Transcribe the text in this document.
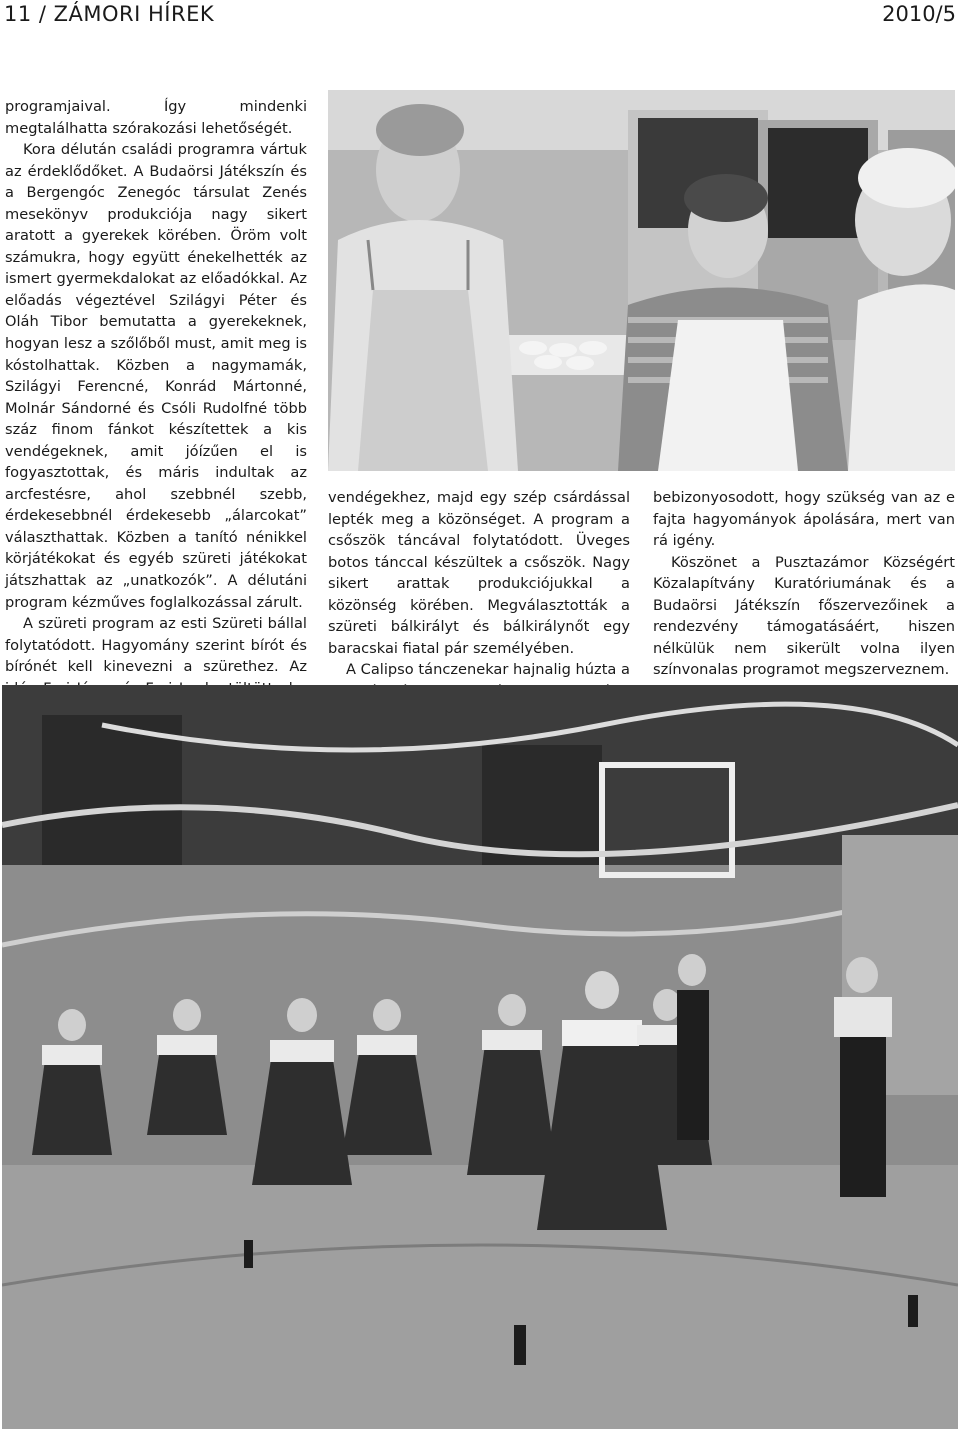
11 / ZÁMORI HÍREK	2010/5

programjaival. Így mindenki megtalálhatta szórakozási lehetőségét.

Kora délután családi programra vártuk az érdeklődőket. A Budaörsi Játékszín és a Bergengóc Zenegóc társulat Zenés mesekönyv produkciója nagy sikert aratott a gyerekek körében. Öröm volt számukra, hogy együtt énekelhették az ismert gyermekdalokat az előadókkal. Az előadás végeztével Szilágyi Péter és Oláh Tibor bemutatta a gyerekeknek, hogyan lesz a szőlőből must, amit meg is kóstolhattak. Közben a nagymamák, Szilágyi Ferencné, Konrád Mártonné, Molnár Sándorné és Csóli Rudolfné több száz finom fánkot készítettek a kis vendégeknek, amit jóízűen el is fogyasztottak, és máris indultak az arcfestésre, ahol szebbnél szebb, érdekesebbnél érdekesebb „álarcokat” választhattak. Közben a tanító nénikkel körjátékokat és egyéb szüreti játékokat játszhattak az „unatkozók”. A délutáni program kézműves foglalkozással zárult.

A szüreti program az esti Szüreti bállal folytatódott. Hagyomány szerint bírót és bírónét kell kinevezni a szürethez. Az

vendégekhez, majd egy szép csárdással lepték meg a közönséget. A program a csőszök táncával folytatódott. Üveges botos tánccal készültek a csőszök. Nagy sikert arattak produkciójukkal a közönség körében. Megválasztották a szüreti bálkirályt és bálkirálynőt egy baracskai fiatal pár személyében.

A Calipso tánczenekar hajnalig húzta a

bebizonyosodott, hogy szükség van az e fajta hagyományok ápolására, mert van rá igény.

Köszönet a Pusztazámor Községért Közalapítvány Kuratóriumának és a Budaörsi Játékszín főszervezőinek a rendezvény támogatásáért, hiszen nélkülük nem sikerült volna ilyen színvonalas programot megszerveznem.
